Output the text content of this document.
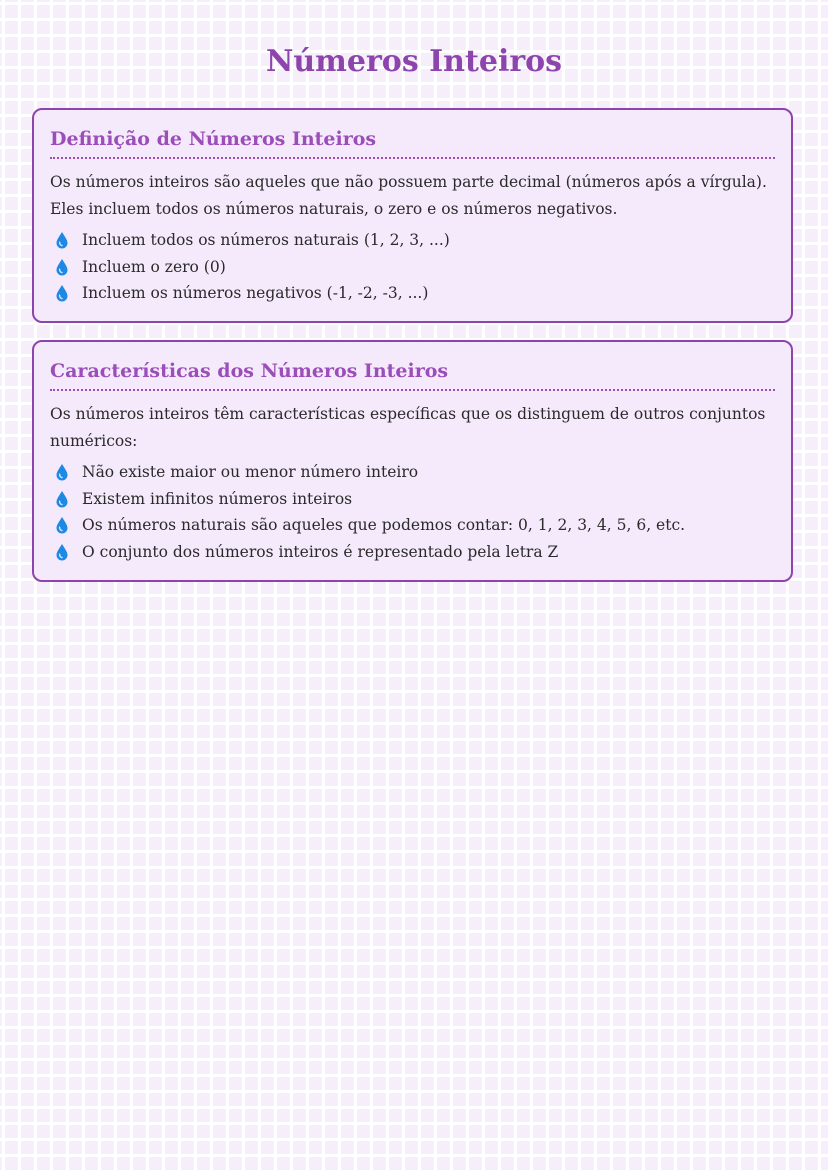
Números Inteiros
Definição de Números Inteiros

Os números inteiros são aqueles que não possuem parte decimal (números após a vírgula). Eles incluem todos os números naturais, o zero e os números negativos.

Incluem todos os números naturais (1, 2, 3, ...)
Incluem o zero (0)
Incluem os números negativos (-1, -2, -3, ...)
Características dos Números Inteiros

Os números inteiros têm características específicas que os distinguem de outros conjuntos numéricos:

Não existe maior ou menor número inteiro
Existem infinitos números inteiros
Os números naturais são aqueles que podemos contar: 0, 1, 2, 3, 4, 5, 6, etc.
O conjunto dos números inteiros é representado pela letra Z
